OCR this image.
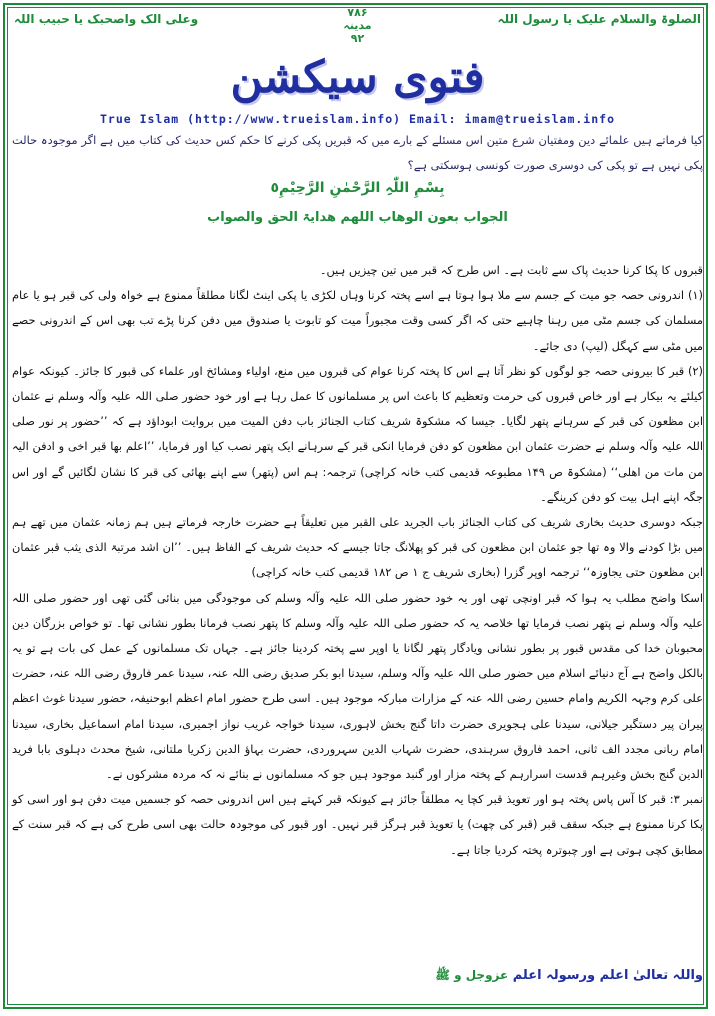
الصلوۃ والسلام علیک یا رسول اللہ
وعلی الک واصحبک یا حبیب اللہ	۷۸۶
مدینہ
۹۲
فتوی سیکشن
True Islam (http://www.trueislam.info) Email: imam@trueislam.info
کیا فرماتے ہیں علمائے دین ومفتیان شرع متین اس مسئلے کے بارے میں کہ قبریں پکی کرنے کا حکم کس حدیث کی کتاب میں ہے اگر موجودہ حالت پکی نہیں ہے تو پکی کی دوسری صورت کونسی ہوسکتی ہے؟
بِسْمِ اللّٰہِ الرَّحْمٰنِ الرَّحِیْمِ٥
الجواب بعون الوھاب اللھم ھدایۃ الحق والصواب
قبروں کا پکا کرنا حدیث پاک سے ثابت ہے۔ اس طرح کہ قبر میں تین چیزیں ہیں۔
(۱) اندرونی حصہ جو میت کے جسم سے ملا ہوا ہوتا ہے اسے پختہ کرنا وہاں لکڑی یا پکی اینٹ لگانا مطلقاً ممنوع ہے خواہ ولی کی قبر ہو یا عام مسلمان کی جسم مٹی میں رہنا چاہیے حتی کہ اگر کسی وقت مجبوراً میت کو تابوت یا صندوق میں دفن کرنا پڑے تب بھی اس کے اندرونی حصے میں مٹی سے کہگل (لیپ) دی جائے۔
(۲) قبر کا بیرونی حصہ جو لوگوں کو نظر آتا ہے اس کا پختہ کرنا عوام کی قبروں میں منع، اولیاء ومشائخ اور علماء کی قبور کا جائز۔ کیونکہ عوام کیلئے یہ بیکار ہے اور خاص قبروں کی حرمت وتعظیم کا باعث اس پر مسلمانوں کا عمل رہا ہے اور خود حضور صلی اللہ علیہ وآلہ وسلم نے عثمان ابن مظعون کی قبر کے سرہانے پتھر لگایا۔ جیسا کہ مشکوۃ شریف کتاب الجنائز باب دفن المیت میں بروایت ابوداؤد ہے کہ ’’حضور پر نور صلی اللہ علیہ وآلہ وسلم نے حضرت عثمان ابن مظعون کو دفن فرمایا انکی قبر کے سرہانے ایک پتھر نصب کیا اور فرمایا، ’’اعلم بھا قبر اخی و ادفن الیہ من مات من اھلی‘‘ (مشکوۃ ص ۱۴۹ مطبوعہ قدیمی کتب خانہ کراچی) ترجمہ: ہم اس (پتھر) سے اپنے بھائی کی قبر کا نشان لگائیں گے اور اس جگہ اپنے اہل بیت کو دفن کرینگے۔
جبکہ دوسری حدیث بخاری شریف کی کتاب الجنائز باب الجرید علی القبر میں تعلیقاً ہے حضرت خارجہ فرماتے ہیں ہم زمانہ عثمان میں تھے ہم میں بڑا کودنے والا وہ تھا جو عثمان ابن مظعون کی قبر کو پھلانگ جاتا جیسے کہ حدیث شریف کے الفاظ ہیں۔ ’’ان اشد مرتبۃ الذی یثب قبر عثمان ابن مظعون حتی یجاوزہ‘‘ ترجمہ اوپر گزرا (بخاری شریف ج ۱ ص ۱۸۲ قدیمی کتب خانہ کراچی)
اسکا واضح مطلب یہ ہوا کہ قبر اونچی تھی اور یہ خود حضور صلی اللہ علیہ وآلہ وسلم کی موجودگی میں بنائی گئی تھی اور حضور صلی اللہ علیہ وآلہ وسلم نے پتھر نصب فرمایا تھا خلاصہ یہ کہ حضور صلی اللہ علیہ وآلہ وسلم کا پتھر نصب فرمانا بطور نشانی تھا۔ تو خواص بزرگان دین محبوبان خدا کی مقدس قبور پر بطور نشانی ویادگار پتھر لگانا یا اوپر سے پختہ کردینا جائز ہے۔ جہاں تک مسلمانوں کے عمل کی بات ہے تو یہ بالکل واضح ہے آج دنیائے اسلام میں حضور صلی اللہ علیہ وآلہ وسلم، سیدنا ابو بکر صدیق رضی اللہ عنہ، سیدنا عمر فاروق رضی اللہ عنہ، حضرت علی کرم وجہہ الکریم وامام حسین رضی اللہ عنہ کے مزارات مبارکہ موجود ہیں۔ اسی طرح حضور امام اعظم ابوحنیفہ، حضور سیدنا غوث اعظم پیران پیر دستگیر جیلانی، سیدنا علی ہجویری حضرت داتا گنج بخش لاہوری، سیدنا خواجہ غریب نواز اجمیری، سیدنا امام اسماعیل بخاری، سیدنا امام ربانی مجدد الف ثانی، احمد فاروق سرہندی، حضرت شہاب الدین سہروردی، حضرت بہاؤ الدین زکریا ملتانی، شیخ محدث دہلوی بابا فرید الدین گنج بخش وغیرہم قدست اسرارہم کے پختہ مزار اور گنبد موجود ہیں جو کہ مسلمانوں نے بنائے نہ کہ مردہ مشرکوں نے۔
نمبر ۳: قبر کا آس پاس پختہ ہو اور تعویذ قبر کچا یہ مطلقاً جائز ہے کیونکہ قبر کہتے ہیں اس اندرونی حصہ کو جسمیں میت دفن ہو اور اسی کو پکا کرنا ممنوع ہے جبکہ سقف قبر (قبر کی چھت) یا تعویذ قبر ہرگز قبر نہیں۔ اور قبور کی موجودہ حالت بھی اسی طرح کی ہے کہ قبر سنت کے مطابق کچی ہوتی ہے اور چبوترہ پختہ کردیا جاتا ہے۔
واللہ تعالیٰ اعلم ورسولہ اعلم عزوجل و ﷺ
